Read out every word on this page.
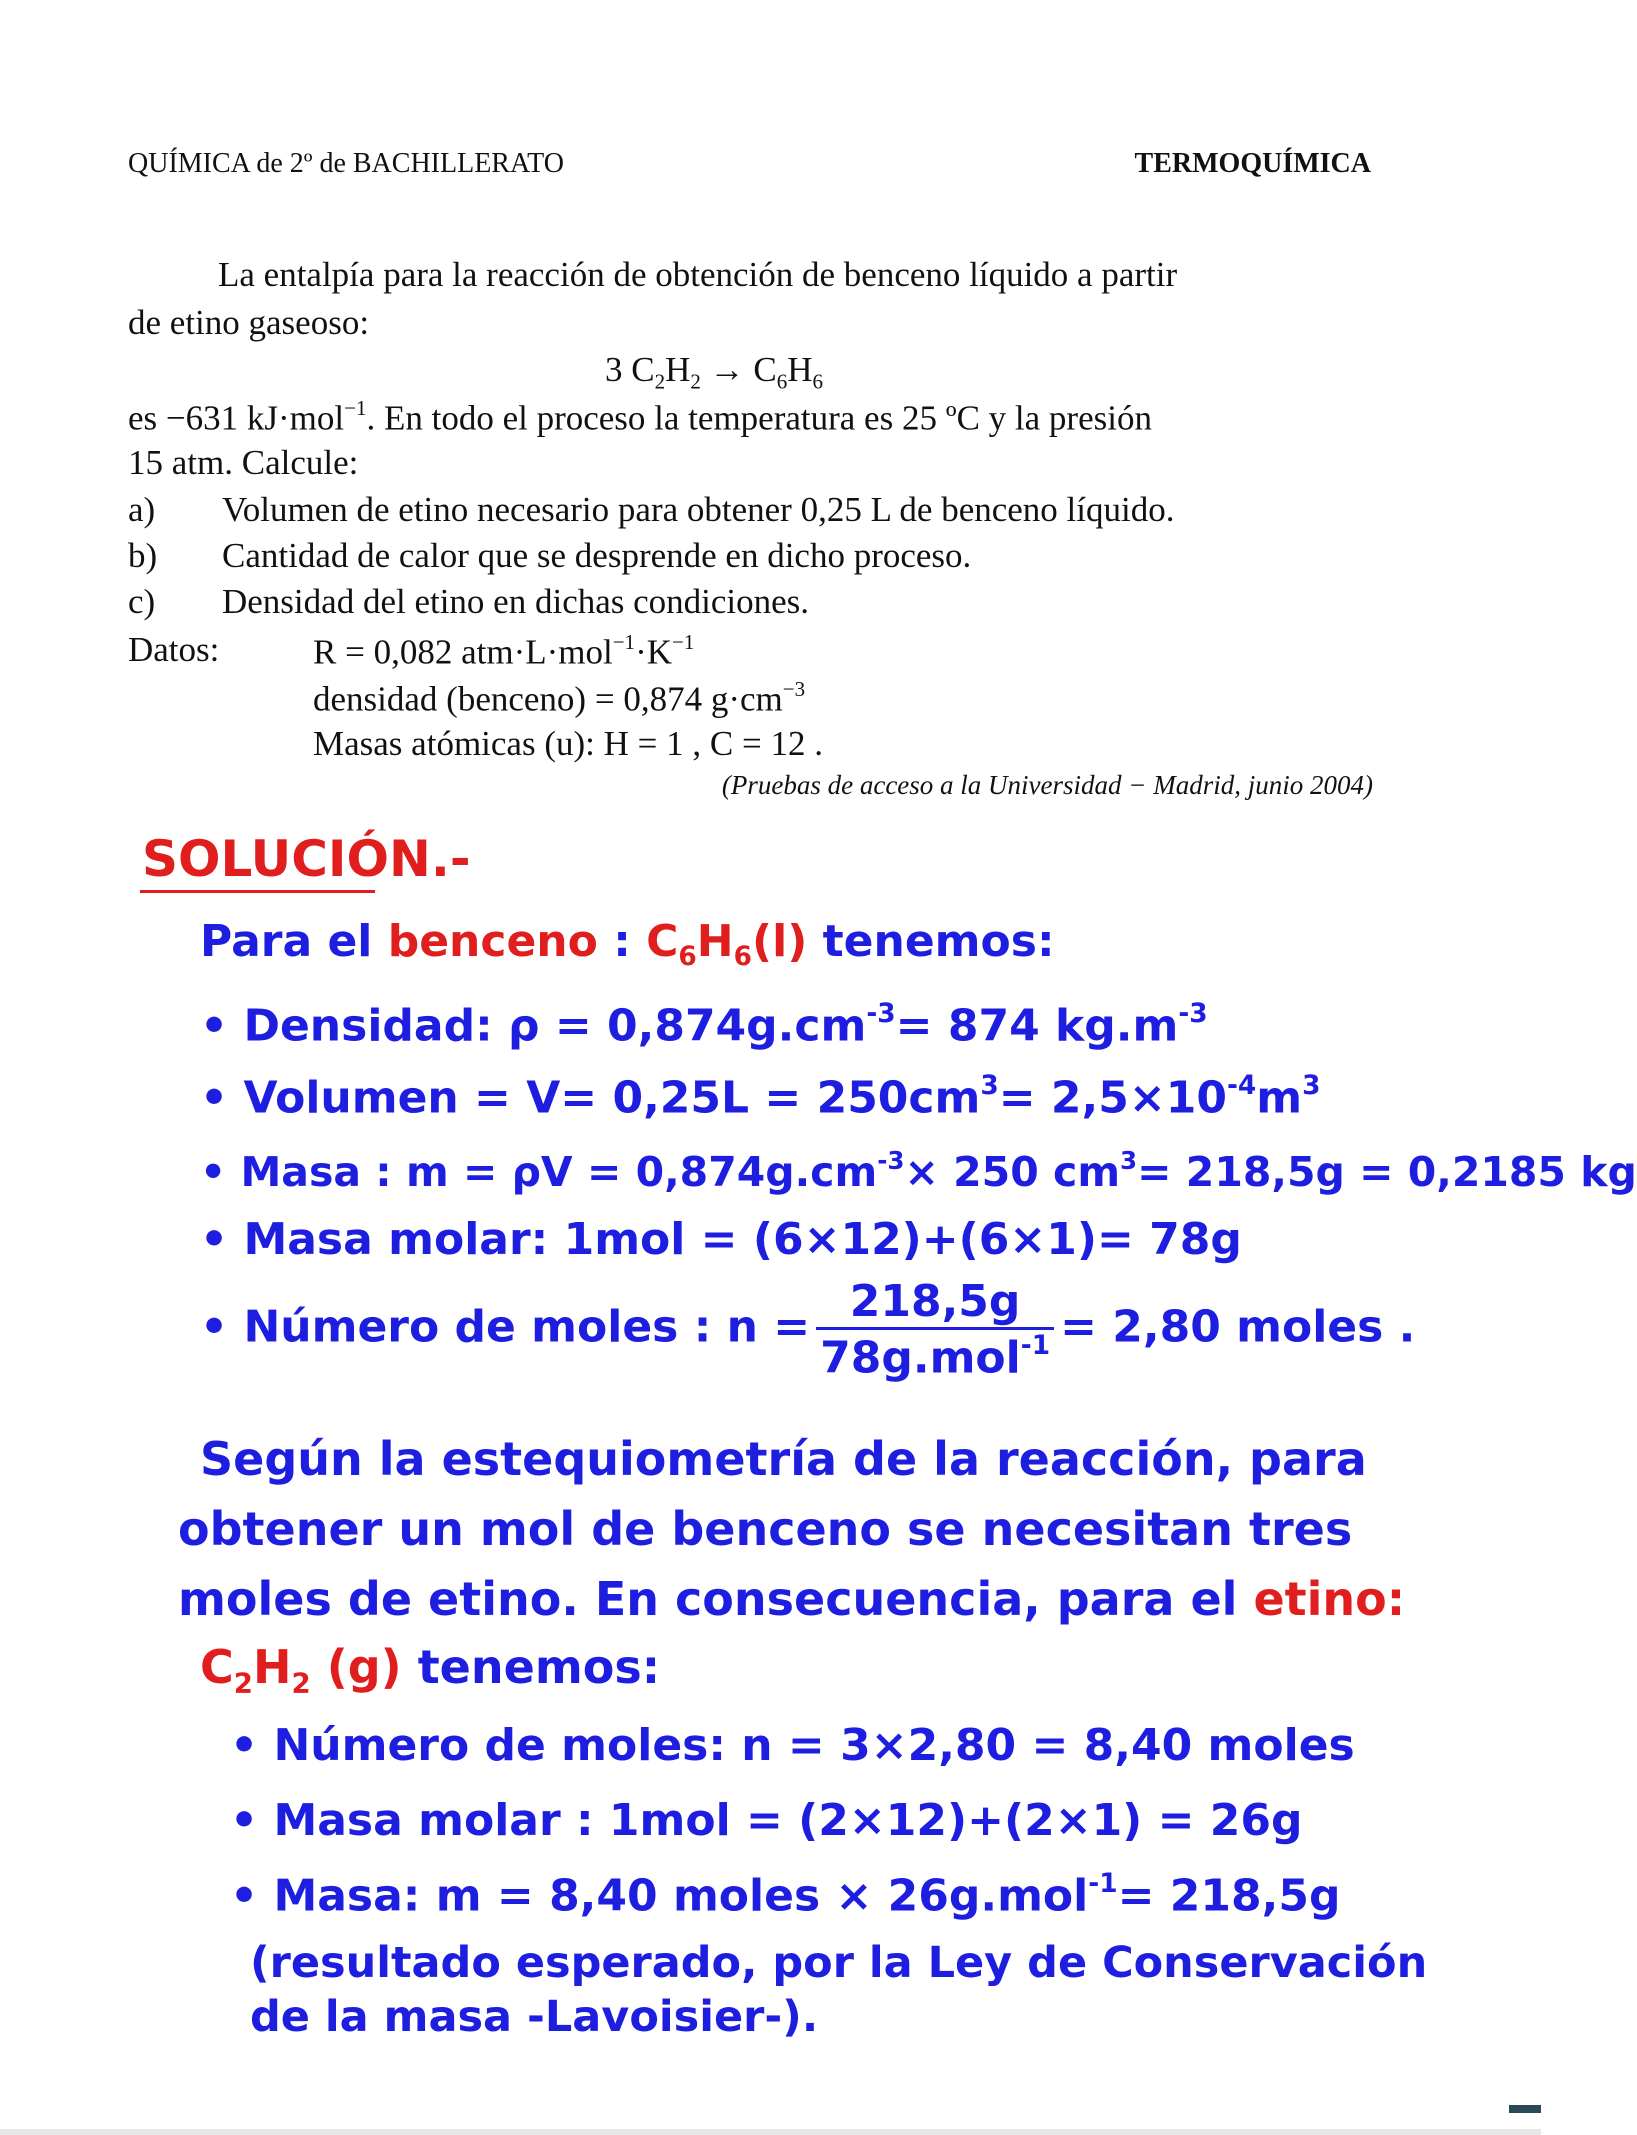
QUÍMICA de 2º de BACHILLERATO	TERMOQUÍMICA
La entalpía para la reacción de obtención de benceno líquido a partir
de etino gaseoso:
3 $C_2H_2 \to C_6H_6$
es −631 kJ·mol$^{-1}$. En todo el proceso la temperatura es 25 ºC y la presión
15 atm. Calcule:
a) Volumen de etino necesario para obtener 0,25 L de benceno líquido.
b) Cantidad de calor que se desprende en dicho proceso.
c) Densidad del etino en dichas condiciones.
Datos:	R = 0,082 $atm\cdot L\cdot mol^{-1}\cdot K^{-1}$
densidad (benceno) = 0,874 $g\cdot cm^{-3}$
Masas atómicas (u): H = 1 , C = 12 .
(Pruebas de acceso a la Universidad − Madrid, junio 2004)
SOLUCIÓN.-
Para el benceno : $C_6H_6(l)$ tenemos:
• Densidad: $\rho = 0,874g.cm^{-3}= 874$ $kg.m^{-3}$
• Volumen = $V= 0,25L = 250cm^3= 2,5\times 10^{-4}m^3$
• Masa : $m = \rho V = 0,874g.cm^{-3}\times 250$ $cm^3= 218,5g = 0,2185$ kg
• Masa molar: 1mol = (6×12)+(6×1)= 78g
• Número de moles : $n = \frac{218,5g}{78g.mol^{-1}} = 2,80$ moles .
Según la estequiometría de la reacción, para
obtener un mol de benceno se necesitan tres
moles de etino. En consecuencia, para el etino:
$C_2H_2$ (g) tenemos:
• Número de moles: n = 3×2,80 = 8,40 moles
• Masa molar : 1mol = (2×12)+(2×1) = 26g
• Masa: m = 8,40 moles × 26g.mol$^{-1}$= 218,5g
(resultado esperado, por la Ley de Conservación
de la masa -Lavoisier-).
